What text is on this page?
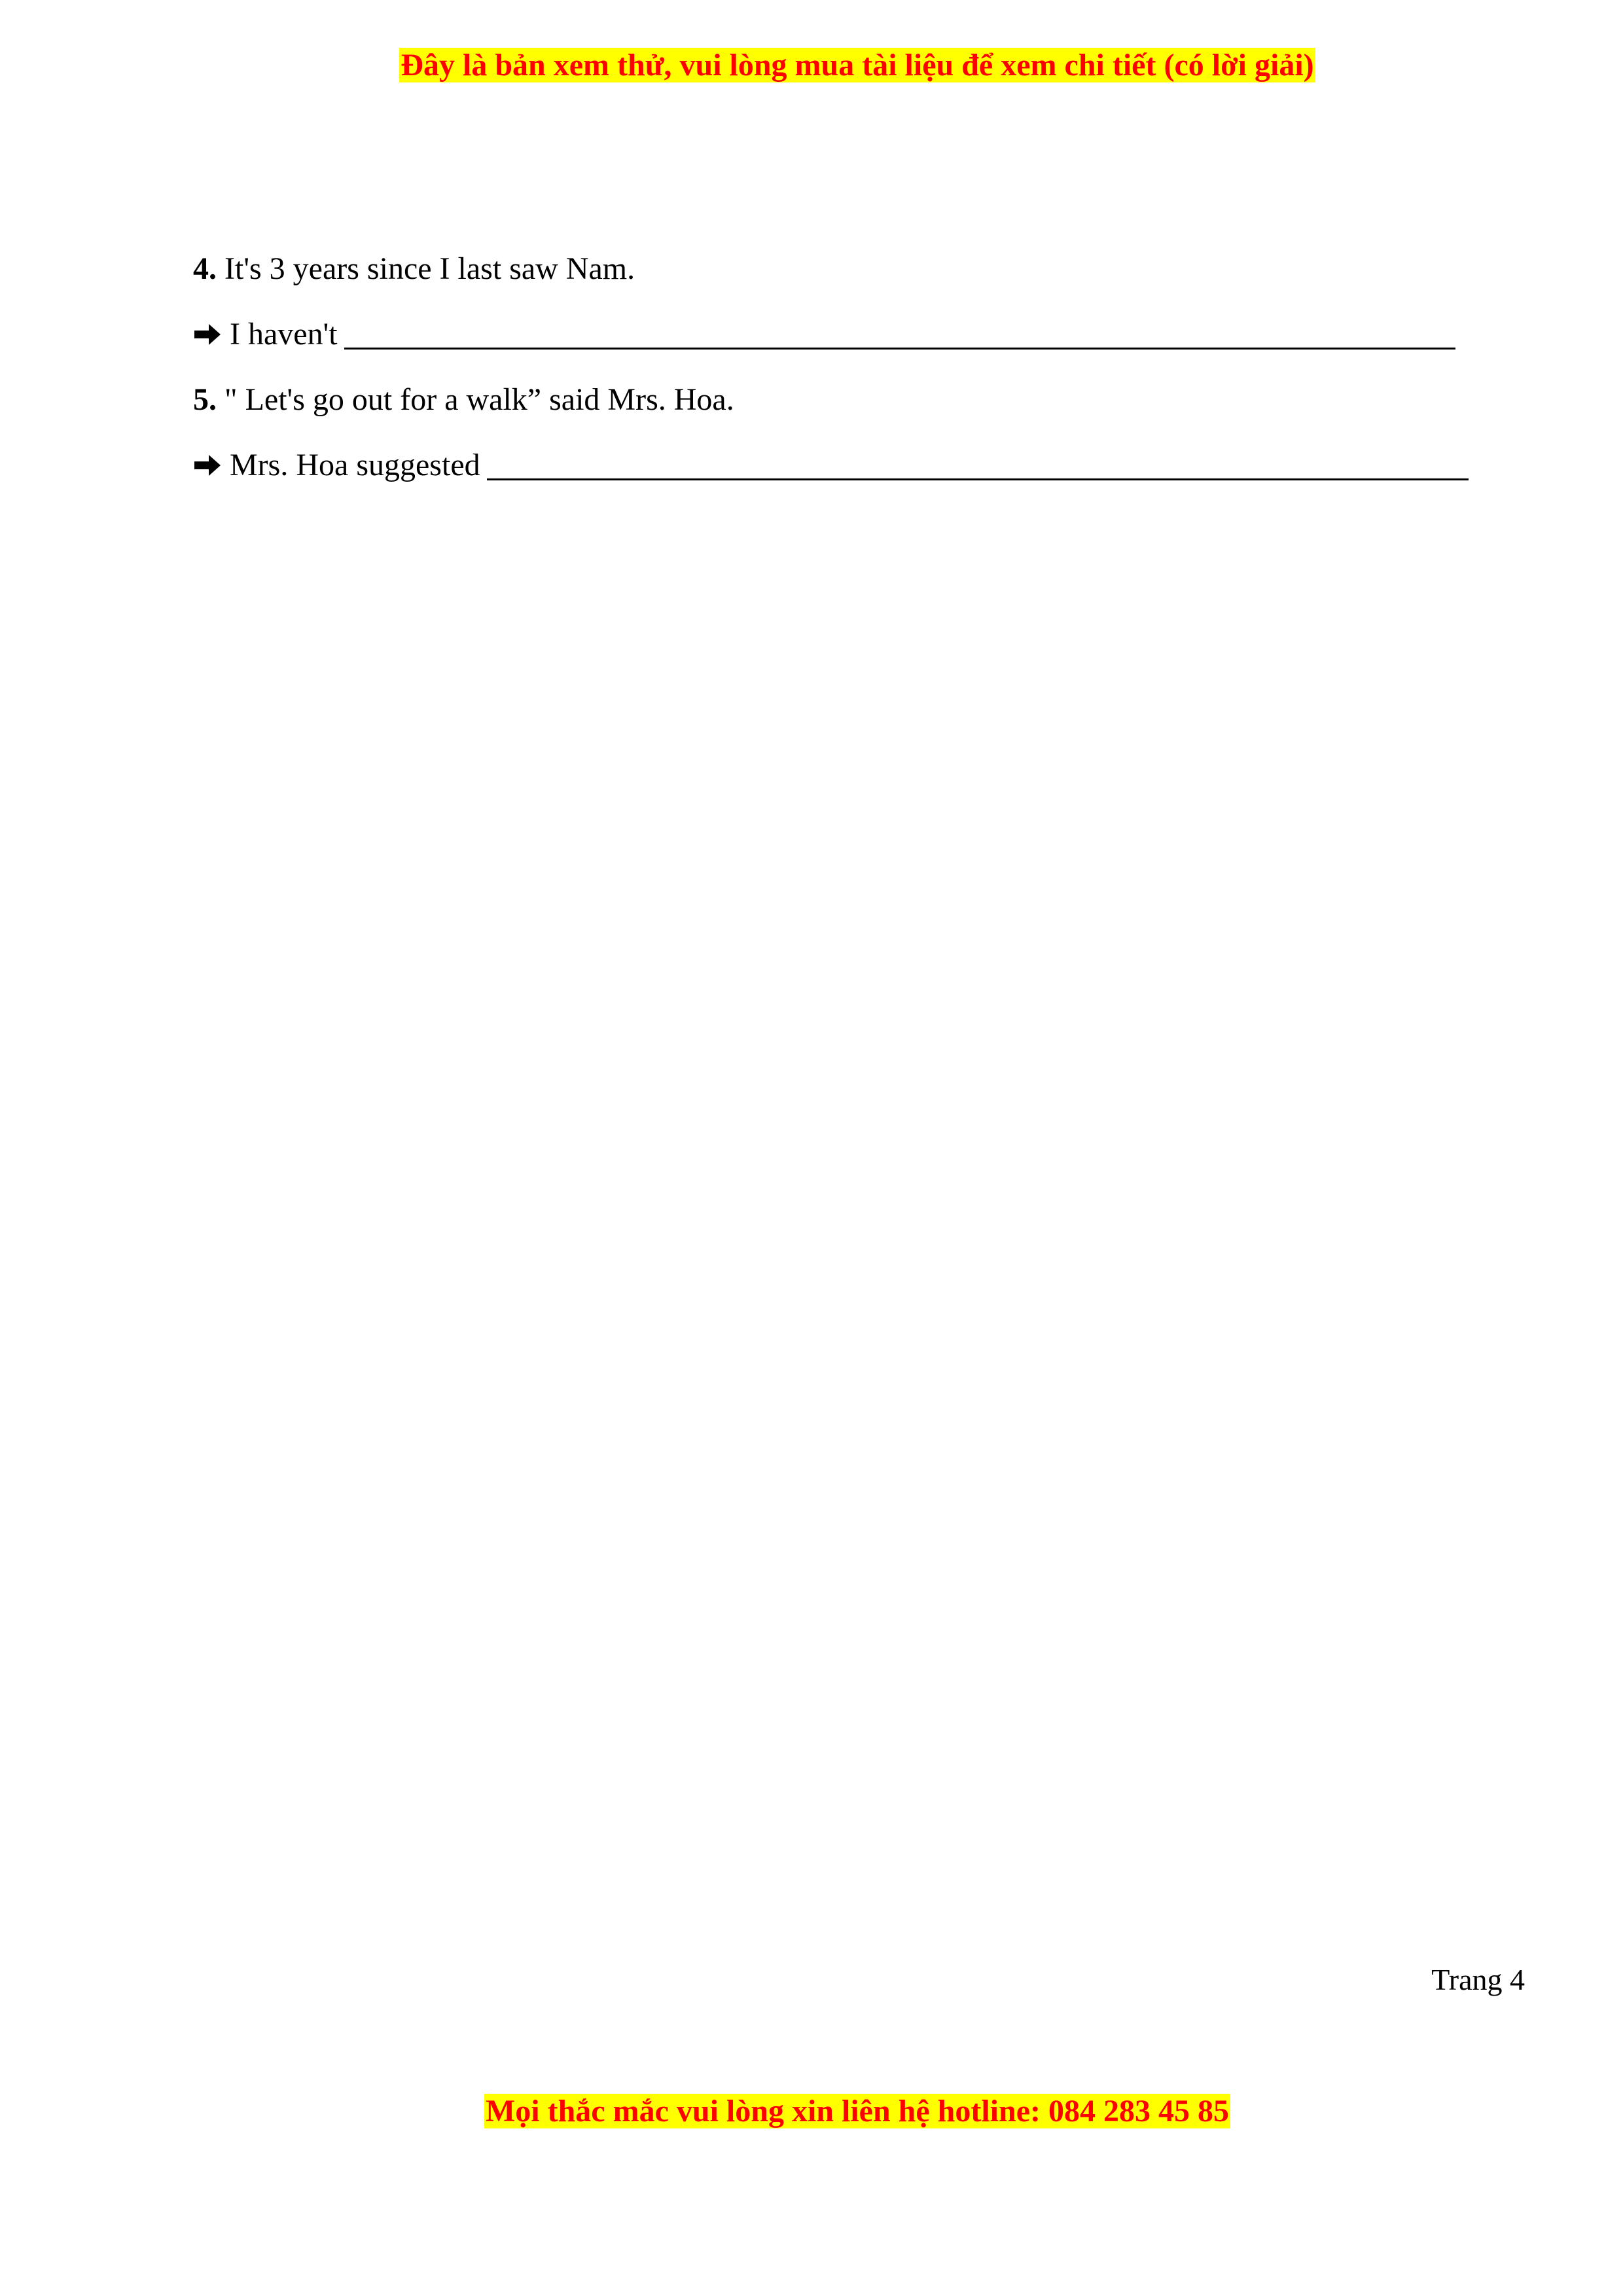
Đây là bản xem thử, vui lòng mua tài liệu để xem chi tiết (có lời giải)
4. It's 3 years since I last saw Nam.
I haven't
5. " Let's go out for a walk” said Mrs. Hoa.
Mrs. Hoa suggested
Trang 4
Mọi thắc mắc vui lòng xin liên hệ hotline: 084 283 45 85
